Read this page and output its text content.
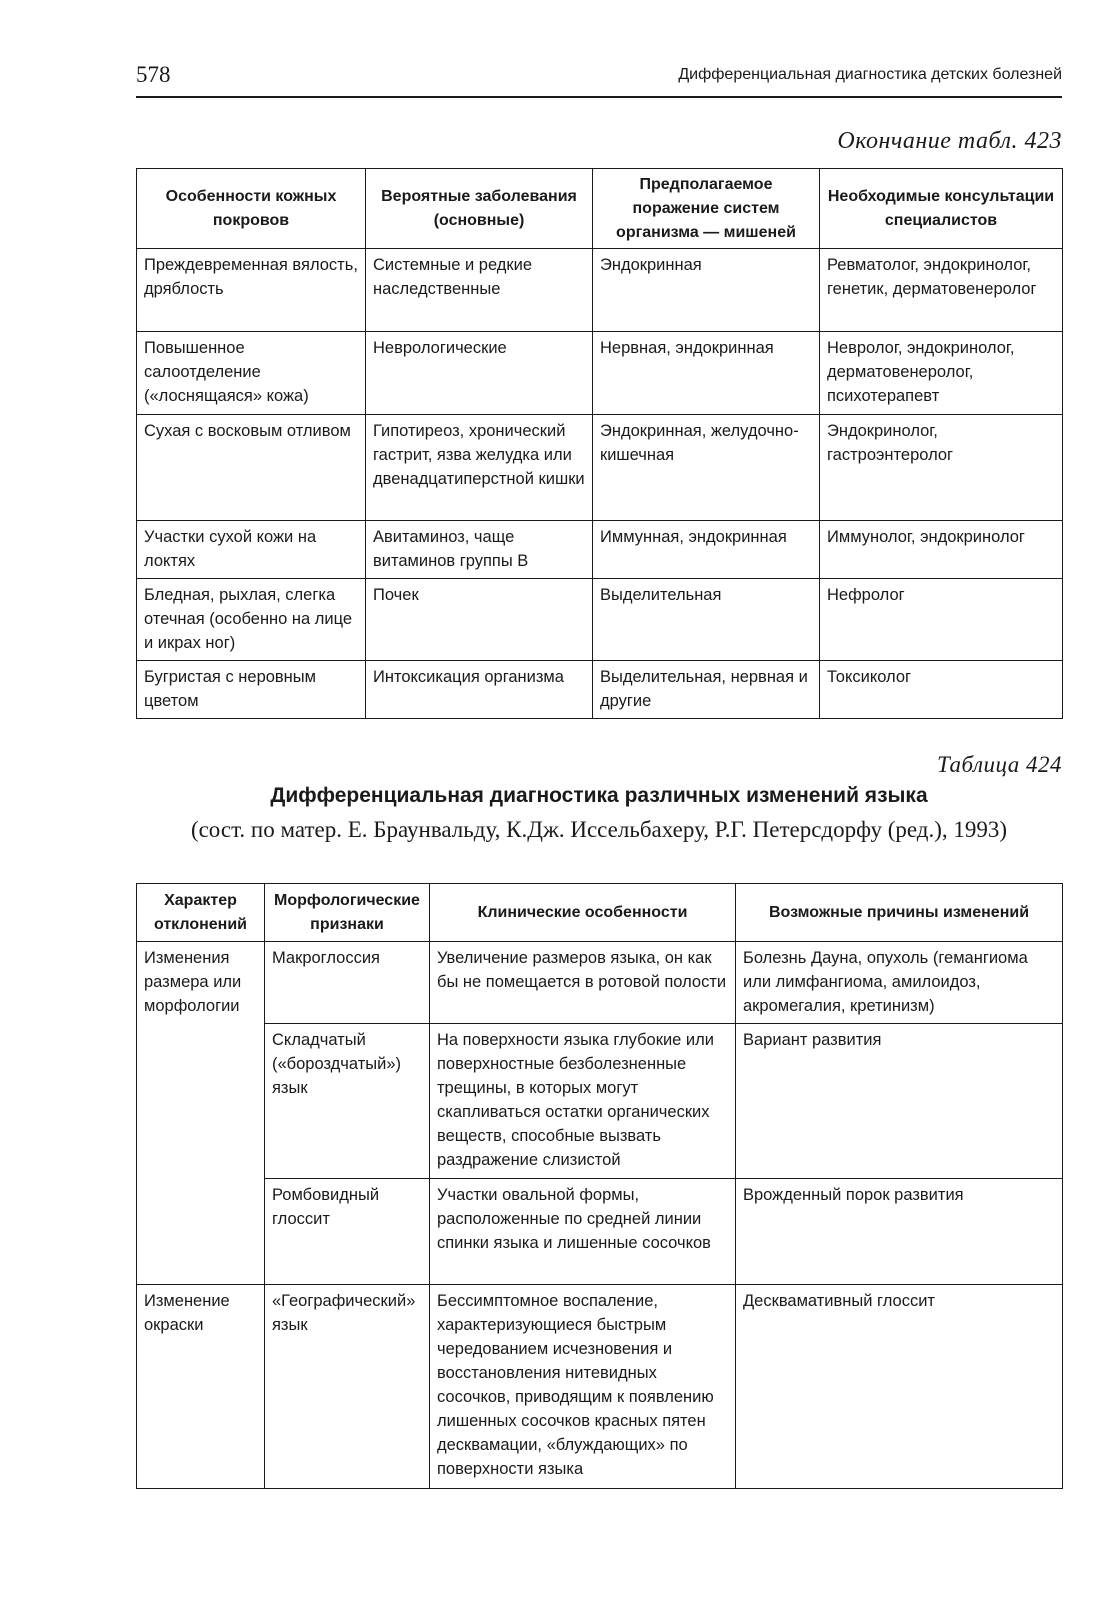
578	Дифференциальная диагностика детских болезней
Окончание табл. 423
Особенности кожных покровов	Вероятные заболевания (основные)	Предполагаемое поражение систем организма — мишеней	Необходимые консультации специалистов
Преждевременная вялость, дряблость	Системные и редкие наследственные	Эндокринная	Ревматолог, эндокринолог, генетик, дерматовенеролог
Повышенное салоотделение («лоснящаяся» кожа)	Неврологические	Нервная, эндокринная	Невролог, эндокринолог, дерматовенеролог, психотерапевт
Сухая с восковым отливом	Гипотиреоз, хронический гастрит, язва желудка или двенадцатиперстной кишки	Эндокринная, желудочно-кишечная	Эндокринолог, гастроэнтеролог
Участки сухой кожи на локтях	Авитаминоз, чаще витаминов группы В	Иммунная, эндокринная	Иммунолог, эндокринолог
Бледная, рыхлая, слегка отечная (особенно на лице и икрах ног)	Почек	Выделительная	Нефролог
Бугристая с неровным цветом	Интоксикация организма	Выделительная, нервная и другие	Токсиколог
Таблица 424
Дифференциальная диагностика различных изменений языка
(сост. по матер. Е. Браунвальду, К.Дж. Иссельбахеру, Р.Г. Петерсдорфу (ред.), 1993)
Характер отклонений	Морфологические признаки	Клинические особенности	Возможные причины изменений
Изменения размера или морфологии	Макроглоссия	Увеличение размеров языка, он как бы не помещается в ротовой полости	Болезнь Дауна, опухоль (гемангиома или лимфангиома, амилоидоз, акромегалия, кретинизм)
	Складчатый («бороздчатый») язык	На поверхности языка глубокие или поверхностные безболезненные трещины, в которых могут скапливаться остатки органических веществ, способные вызвать раздражение слизистой	Вариант развития
	Ромбовидный глоссит	Участки овальной формы, расположенные по средней линии спинки языка и лишенные сосочков	Врожденный порок развития
Изменение окраски	«Географический» язык	Бессимптомное воспаление, характеризующиеся быстрым чередованием исчезновения и восстановления нитевидных сосочков, приводящим к появлению лишенных сосочков красных пятен десквамации, «блуждающих» по поверхности языка	Десквамативный глоссит
